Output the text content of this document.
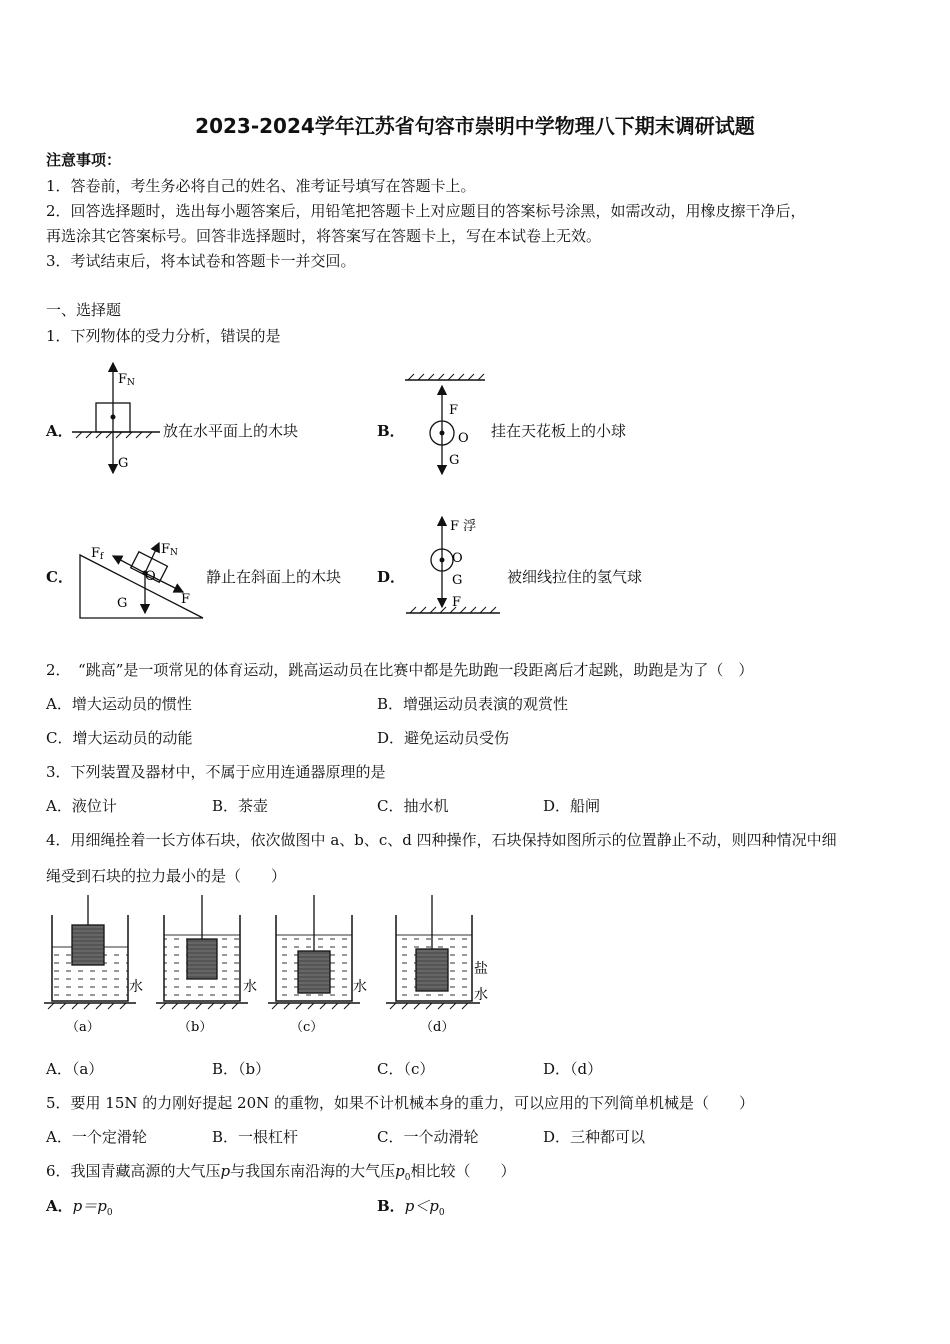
2023-2024学年江苏省句容市崇明中学物理八下期末调研试题
注意事项：
1．答卷前，考生务必将自己的姓名、准考证号填写在答题卡上。
2．回答选择题时，选出每小题答案后，用铅笔把答题卡上对应题目的答案标号涂黑，如需改动，用橡皮擦干净后，
再选涂其它答案标号。回答非选择题时，将答案写在答题卡上，写在本试卷上无效。
3．考试结束后，将本试卷和答题卡一并交回。
一、选择题
1．下列物体的受力分析，错误的是
A．	放在水平面上的木块	B．	挂在天花板上的小球
C．	静止在斜面上的木块 D．	被细线拉住的氢气球
FN
G
F
O
G
FN
Ff
O
F
G
F 浮
O
G
F
2．　“跳高”是一项常见的体育运动，跳高运动员在比赛中都是先助跑一段距离后才起跳，助跑是为了（　）
A．增大运动员的惯性	B．增强运动员表演的观赏性
C．增大运动员的动能	D．避免运动员受伤
3．下列装置及器材中，不属于应用连通器原理的是
A．液位计	B．茶壶	C．抽水机	D．船闸
4．用细绳拴着一长方体石块，依次做图中 a、b、c、d 四种操作，石块保持如图所示的位置静止不动，则四种情况中细
绳受到石块的拉力最小的是（　　）
水
（a）
水
（b）
水
（c）
盐
水
（d）
A．（a）	B．（b）	C．（c）	D．（d）
5．要用 15N 的力刚好提起 20N 的重物，如果不计机械本身的重力，可以应用的下列简单机械是（　　）
A．一个定滑轮	B．一根杠杆	C．一个动滑轮	D．三种都可以
6．我国青藏高源的大气压p与我国东南沿海的大气压$p_0$相比较（　　）
A．$p=p_0$	B．$p<p_0$
